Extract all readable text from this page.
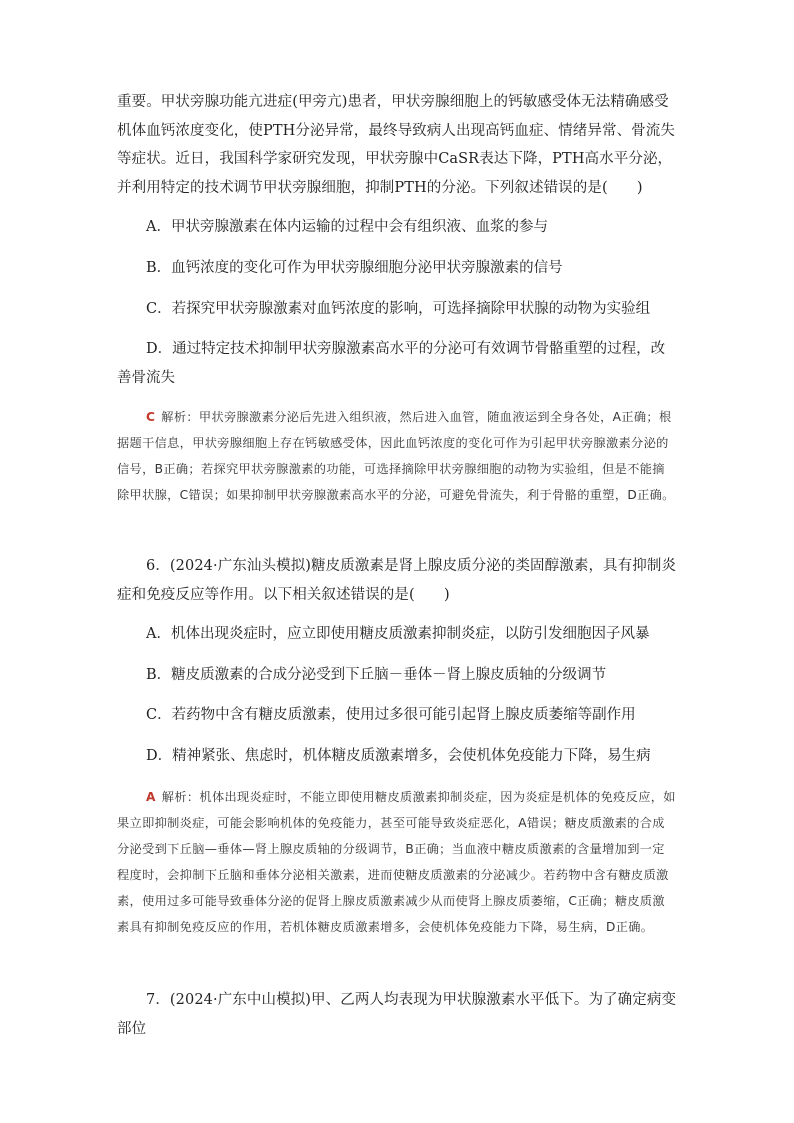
重要。甲状旁腺功能亢进症(甲旁亢)患者，甲状旁腺细胞上的钙敏感受体无法精确感受机体血钙浓度变化，使PTH分泌异常，最终导致病人出现高钙血症、情绪异常、骨流失等症状。近日，我国科学家研究发现，甲状旁腺中CaSR表达下降，PTH高水平分泌，并利用特定的技术调节甲状旁腺细胞，抑制PTH的分泌。下列叙述错误的是(　　)
A．甲状旁腺激素在体内运输的过程中会有组织液、血浆的参与
B．血钙浓度的变化可作为甲状旁腺细胞分泌甲状旁腺激素的信号
C．若探究甲状旁腺激素对血钙浓度的影响，可选择摘除甲状腺的动物为实验组
D．通过特定技术抑制甲状旁腺激素高水平的分泌可有效调节骨骼重塑的过程，改善骨流失
C 解析：甲状旁腺激素分泌后先进入组织液，然后进入血管，随血液运到全身各处，A正确；根据题干信息，甲状旁腺细胞上存在钙敏感受体，因此血钙浓度的变化可作为引起甲状旁腺激素分泌的信号，B正确；若探究甲状旁腺激素的功能，可选择摘除甲状旁腺细胞的动物为实验组，但是不能摘除甲状腺，C错误；如果抑制甲状旁腺激素高水平的分泌，可避免骨流失，利于骨骼的重塑，D正确。
6．(2024·广东汕头模拟)糖皮质激素是肾上腺皮质分泌的类固醇激素，具有抑制炎症和免疫反应等作用。以下相关叙述错误的是(　　)
A．机体出现炎症时，应立即使用糖皮质激素抑制炎症，以防引发细胞因子风暴
B．糖皮质激素的合成分泌受到下丘脑－垂体－肾上腺皮质轴的分级调节
C．若药物中含有糖皮质激素，使用过多很可能引起肾上腺皮质萎缩等副作用
D．精神紧张、焦虑时，机体糖皮质激素增多，会使机体免疫能力下降，易生病
A 解析：机体出现炎症时，不能立即使用糖皮质激素抑制炎症，因为炎症是机体的免疫反应，如果立即抑制炎症，可能会影响机体的免疫能力，甚至可能导致炎症恶化，A错误；糖皮质激素的合成分泌受到下丘脑—垂体—肾上腺皮质轴的分级调节，B正确；当血液中糖皮质激素的含量增加到一定程度时，会抑制下丘脑和垂体分泌相关激素，进而使糖皮质激素的分泌减少。若药物中含有糖皮质激素，使用过多可能导致垂体分泌的促肾上腺皮质激素减少从而使肾上腺皮质萎缩，C正确；糖皮质激素具有抑制免疫反应的作用，若机体糖皮质激素增多，会使机体免疫能力下降，易生病，D正确。
7．(2024·广东中山模拟)甲、乙两人均表现为甲状腺激素水平低下。为了确定病变部位
